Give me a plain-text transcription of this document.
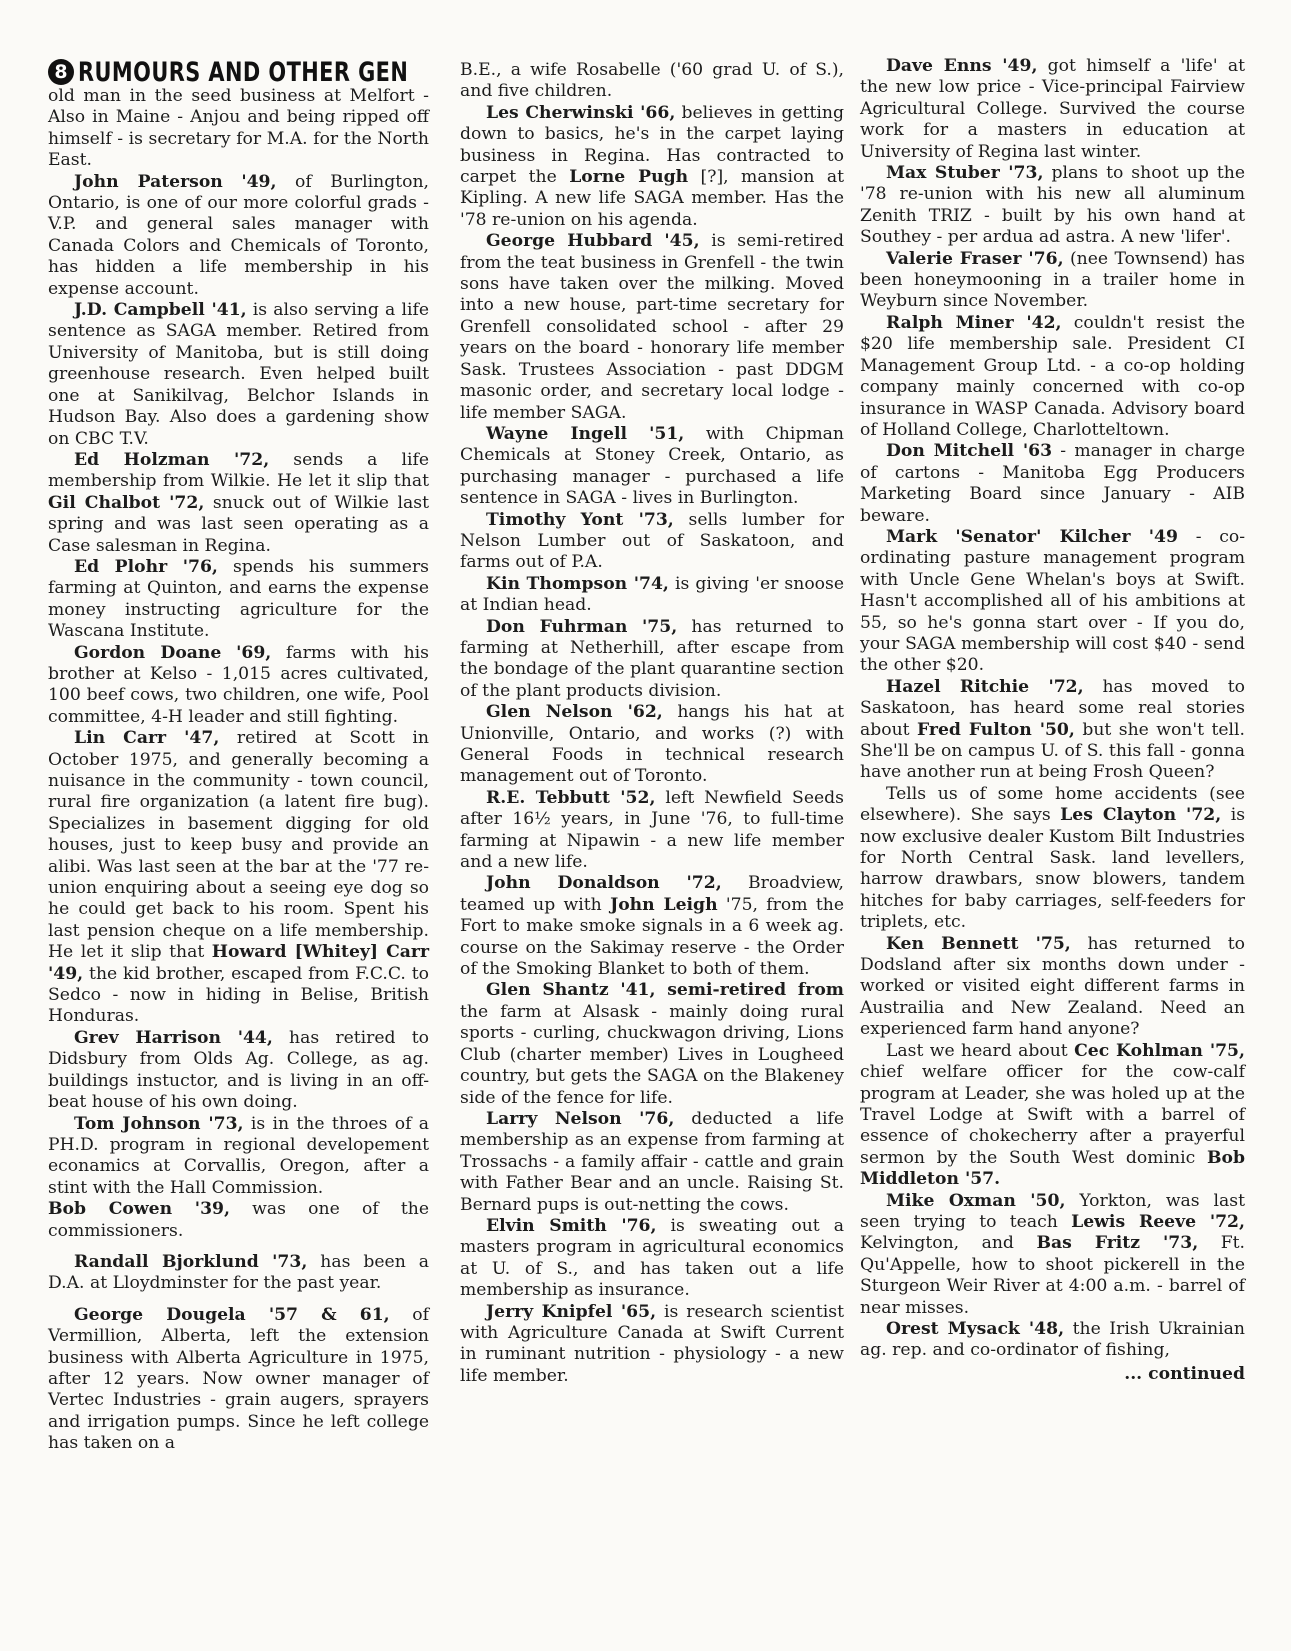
8 RUMOURS AND OTHER GEN

old man in the seed business at Melfort - Also in Maine - Anjou and being ripped off himself - is secretary for M.A. for the North East.

John Paterson '49, of Burlington, Ontario, is one of our more colorful grads - V.P. and general sales manager with Canada Colors and Chemicals of Toronto, has hidden a life membership in his expense account.

J.D. Campbell '41, is also serving a life sentence as SAGA member. Retired from University of Manitoba, but is still doing greenhouse research. Even helped built one at Sanikilvag, Belchor Islands in Hudson Bay. Also does a gardening show on CBC T.V.

Ed Holzman '72, sends a life membership from Wilkie. He let it slip that Gil Chalbot '72, snuck out of Wilkie last spring and was last seen operating as a Case salesman in Regina.

Ed Plohr '76, spends his summers farming at Quinton, and earns the expense money instructing agriculture for the Wascana Institute.

Gordon Doane '69, farms with his brother at Kelso - 1,015 acres cultivated, 100 beef cows, two children, one wife, Pool committee, 4-H leader and still fighting.

Lin Carr '47, retired at Scott in October 1975, and generally becoming a nuisance in the community - town council, rural fire organization (a latent fire bug). Specializes in basement digging for old houses, just to keep busy and provide an alibi. Was last seen at the bar at the '77 re-union enquiring about a seeing eye dog so he could get back to his room. Spent his last pension cheque on a life membership. He let it slip that Howard [Whitey] Carr '49, the kid brother, escaped from F.C.C. to Sedco - now in hiding in Belise, British Honduras.

Grev Harrison '44, has retired to Didsbury from Olds Ag. College, as ag. buildings instuctor, and is living in an off-beat house of his own doing.

Tom Johnson '73, is in the throes of a PH.D. program in regional developement econamics at Corvallis, Oregon, after a stint with the Hall Commission.

Bob Cowen '39, was one of the commissioners.

Randall Bjorklund '73, has been a D.A. at Lloydminster for the past year.

George Dougela '57 & 61, of Vermillion, Alberta, left the extension business with Alberta Agriculture in 1975, after 12 years. Now owner manager of Vertec Industries - grain augers, sprayers and irrigation pumps. Since he left college has taken on a

B.E., a wife Rosabelle ('60 grad U. of S.), and five children.

Les Cherwinski '66, believes in getting down to basics, he's in the carpet laying business in Regina. Has contracted to carpet the Lorne Pugh [?], mansion at Kipling. A new life SAGA member. Has the '78 re-union on his agenda.

George Hubbard '45, is semi-retired from the teat business in Grenfell - the twin sons have taken over the milking. Moved into a new house, part-time secretary for Grenfell consolidated school - after 29 years on the board - honorary life member Sask. Trustees Association - past DDGM masonic order, and secretary local lodge - life member SAGA.

Wayne Ingell '51, with Chipman Chemicals at Stoney Creek, Ontario, as purchasing manager - purchased a life sentence in SAGA - lives in Burlington.

Timothy Yont '73, sells lumber for Nelson Lumber out of Saskatoon, and farms out of P.A.

Kin Thompson '74, is giving 'er snoose at Indian head.

Don Fuhrman '75, has returned to farming at Netherhill, after escape from the bondage of the plant quarantine section of the plant products division.

Glen Nelson '62, hangs his hat at Unionville, Ontario, and works (?) with General Foods in technical research management out of Toronto.

R.E. Tebbutt '52, left Newfield Seeds after 16½ years, in June '76, to full-time farming at Nipawin - a new life member and a new life.

John Donaldson '72, Broadview, teamed up with John Leigh '75, from the Fort to make smoke signals in a 6 week ag. course on the Sakimay reserve - the Order of the Smoking Blanket to both of them.

Glen Shantz '41, semi-retired from the farm at Alsask - mainly doing rural sports - curling, chuckwagon driving, Lions Club (charter member) Lives in Lougheed country, but gets the SAGA on the Blakeney side of the fence for life.

Larry Nelson '76, deducted a life membership as an expense from farming at Trossachs - a family affair - cattle and grain with Father Bear and an uncle. Raising St. Bernard pups is out-netting the cows.

Elvin Smith '76, is sweating out a masters program in agricultural economics at U. of S., and has taken out a life membership as insurance.

Jerry Knipfel '65, is research scientist with Agriculture Canada at Swift Current in ruminant nutrition - physiology - a new life member.

Dave Enns '49, got himself a 'life' at the new low price - Vice-principal Fairview Agricultural College. Survived the course work for a masters in education at University of Regina last winter.

Max Stuber '73, plans to shoot up the '78 re-union with his new all aluminum Zenith TRIZ - built by his own hand at Southey - per ardua ad astra. A new 'lifer'.

Valerie Fraser '76, (nee Townsend) has been honeymooning in a trailer home in Weyburn since November.

Ralph Miner '42, couldn't resist the $20 life membership sale. President CI Management Group Ltd. - a co-op holding company mainly concerned with co-op insurance in WASP Canada. Advisory board of Holland College, Charlotteltown.

Don Mitchell '63 - manager in charge of cartons - Manitoba Egg Producers Marketing Board since January - AIB beware.

Mark 'Senator' Kilcher '49 - co-ordinating pasture management program with Uncle Gene Whelan's boys at Swift. Hasn't accomplished all of his ambitions at 55, so he's gonna start over - If you do, your SAGA membership will cost $40 - send the other $20.

Hazel Ritchie '72, has moved to Saskatoon, has heard some real stories about Fred Fulton '50, but she won't tell. She'll be on campus U. of S. this fall - gonna have another run at being Frosh Queen?

Tells us of some home accidents (see elsewhere). She says Les Clayton '72, is now exclusive dealer Kustom Bilt Industries for North Central Sask. land levellers, harrow drawbars, snow blowers, tandem hitches for baby carriages, self-feeders for triplets, etc.

Ken Bennett '75, has returned to Dodsland after six months down under - worked or visited eight different farms in Austrailia and New Zealand. Need an experienced farm hand anyone?

Last we heard about Cec Kohlman '75, chief welfare officer for the cow-calf program at Leader, she was holed up at the Travel Lodge at Swift with a barrel of essence of chokecherry after a prayerful sermon by the South West dominic Bob Middleton '57.

Mike Oxman '50, Yorkton, was last seen trying to teach Lewis Reeve '72, Kelvington, and Bas Fritz '73, Ft. Qu'Appelle, how to shoot pickerell in the Sturgeon Weir River at 4:00 a.m. - barrel of near misses.

Orest Mysack '48, the Irish Ukrainian ag. rep. and co-ordinator of fishing,

... continued
